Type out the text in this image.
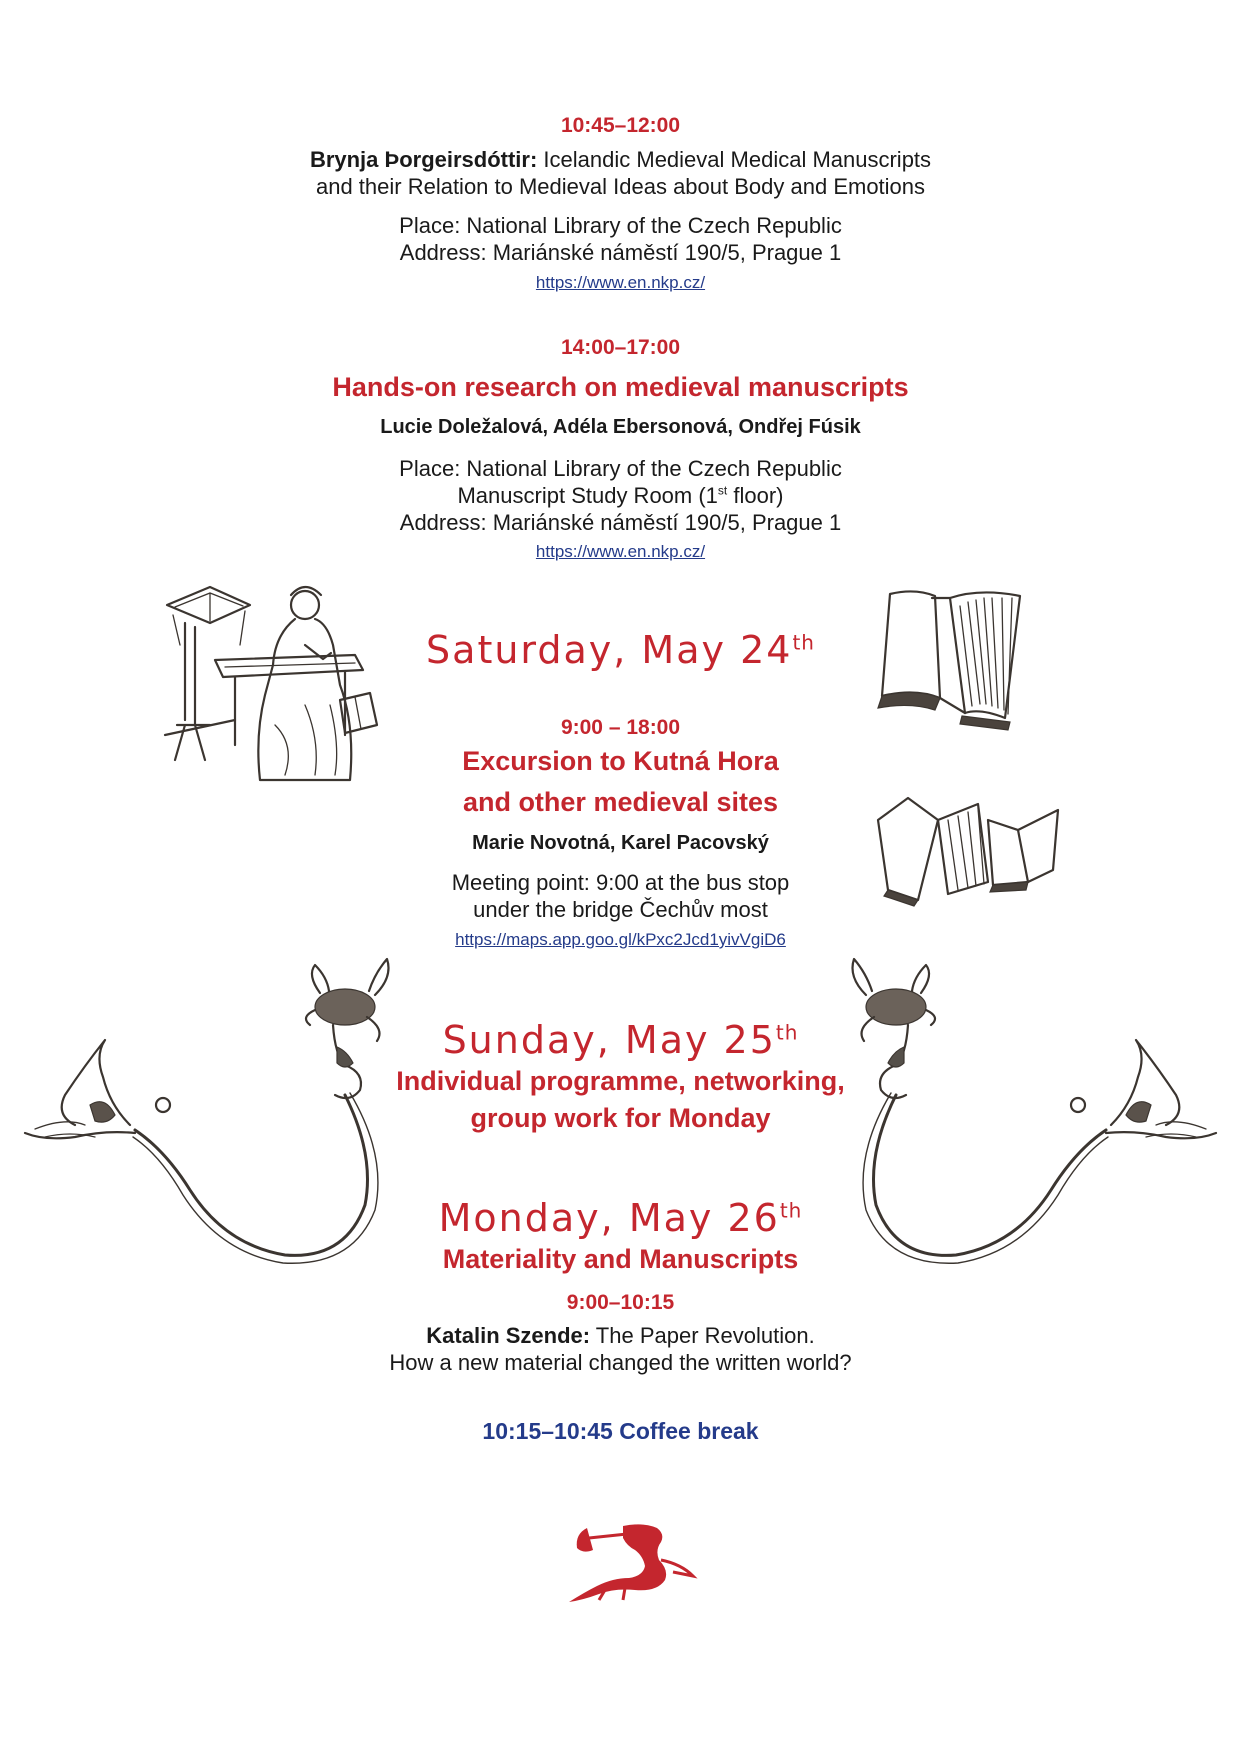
10:45–12:00
Brynja Þorgeirsdóttir: Icelandic Medieval Medical Manuscripts
and their Relation to Medieval Ideas about Body and Emotions
Place: National Library of the Czech Republic
Address: Mariánské náměstí 190/5, Prague 1
https://www.en.nkp.cz/
14:00–17:00
Hands-on research on medieval manuscripts
Lucie Doležalová, Adéla Ebersonová, Ondřej Fúsik
Place: National Library of the Czech Republic
Manuscript Study Room (1st floor)
Address: Mariánské náměstí 190/5, Prague 1
https://www.en.nkp.cz/
Saturday, May 24th
9:00 – 18:00
Excursion to Kutná Hora
and other medieval sites
Marie Novotná, Karel Pacovský
Meeting point: 9:00 at the bus stop
under the bridge Čechův most
https://maps.app.goo.gl/kPxc2Jcd1yivVgiD6
Sunday, May 25th
Individual programme, networking,
group work for Monday
Monday, May 26th
Materiality and Manuscripts
9:00–10:15
Katalin Szende: The Paper Revolution.
How a new material changed the written world?
10:15–10:45 Coffee break
